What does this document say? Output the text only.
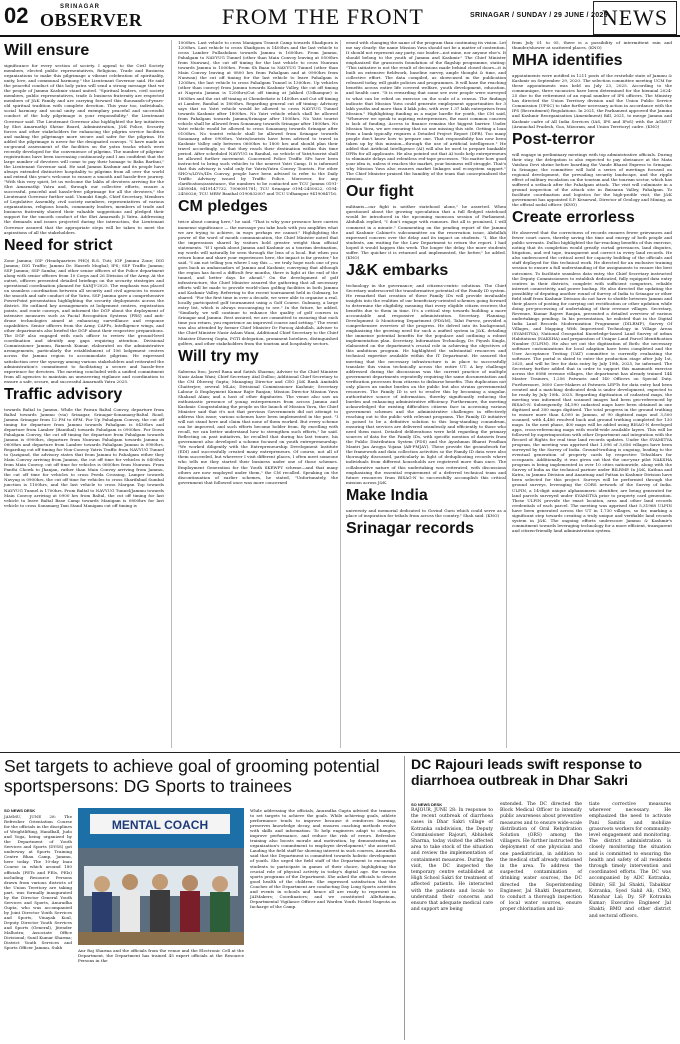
02	SRINAGAR
OBSERVER	FROM THE FRONT	SRINAGAR / SUNDAY / 29 JUNE / 2025
NEWS
Will ensure

significance for every section of society. I appeal to the Civil Society members, elected public representatives, Religious, Trade and Business organizations to make this pilgrimage a vibrant celebration of spirituality, unity, love, and communal harmony," the Lieutenant Governor said. He said the peaceful conduct of this holy yatra will send a strong message that we the people of Jammu Kashmir stand united. "Spiritual leaders, civil society members, public representatives, trade & business fraternity are respected members of J&K Family and are carrying forward this thousands-of-years-old spiritual tradition with complete devotion. This year too, individuals, social harmony and social unity and exemplary peaceful and successful conduct of the holy pilgrimage is your responsibility," the Lieutenant Governor said. The Lieutenant Governor also highlighted the key initiatives by Shri Amarnathji Shrine Board, Administration, J&K Police, Security forces and other stakeholders for enhancing the pilgrim service facilities and making the pilgrimage more secure and safer for the pilgrims. He added the pilgrimage is never for the designated convoys. "I have made an on-ground assessment of the facilities on the yatra tracks which were recently developed for the convenience of pilgrims. The number of pilgrims' registrations have been increasing continuously and I am confident that the large number of devotees will come to pay their homage to Baba Barfani," the Lieutenant Governor said. He said Jammu Kashmir and its people have always extended distinctive hospitality to pilgrims from all over the world and extend this year's welcome to ensure a smooth and hassle-free journey. "With this very spirit, let us welcome the lakhs of devotees arriving for the Shri Amarnathji Yatra and, through our collective efforts, ensure a successful, peaceful and hassle-free pilgrimage for all the devotees," the Lieutenant Governor further said. Unmukt Singh, Chief Secretary, Members of Legislative Assembly, civil society members, representatives of various organizations, religious heads, community leaders, members of trade and business fraternity shared their valuable suggestions and pledged their support for the smooth conduct of the Shri Amarnath Ji Yatra. Addressing the demands and issues projected during the interaction, the Lieutenant Governor assured that the appropriate steps will be taken to meet the aspirations of all the stakeholders.

Need for strict

Zone Jammu; IGP (Headquarters PHQ) B.S. Tuti; IGP Jammu Zone; DIG Jammu; DIG Traffic; Jammu Dr. Haseeb Mughal; IPS; SSP Traffic Jammu; SSP Jammu; SSP Samba; and other senior officers of the Police department along with senior officers from 10 Corps and 26 Division of the Army. At the outset, officers presented detailed briefings on the security strategies and operational coordination planned for SANJY-2025. The emphasis was placed on seamless coordination between all security and civil agencies to ensure the smooth and safe conduct of the Yatra. SSP Jammu gave a comprehensive PowerPoint presentation highlighting the security deployments across the district. He outlined key arrangements at lodgement centres, registration points, and route convoys, and informed the DGP about the deployment of intensive measures such as Facial Recognition Systems (FRS) and anti-drone technologies aimed at enhancing surveillance and response capabilities. Senior officers from the Army, CAPFs, Intelligence wings, and other departments also briefed the DGP about their respective preparations. The DGP also engaged with each officer to review the ground-level coordination and identify any gaps requiring attention. Divisional Commissioner Jammu, Ramesh Kumar, elaborated on the administrative arrangements, particularly the establishment of 106 lodgement centres across the Jammu region to accommodate pilgrims. He expressed satisfaction over the synergy among various stakeholders and reiterated the administration's commitment to facilitating a secure and hassle-free experience for devotees. The meeting concluded with a unified commitment from all agencies to maintain an unwavering vigilance and coordination to ensure a safe, secure, and successful Amarnath Yatra 2025.

Traffic advisory

towards Baltal to Jammu. While the Pawan Baltal Convoy, departure from Baltal towards Jammu (via) Srinagar, Srinagar-Sonamarg-Baltal Road, Jammu Srinagar from 12 PM to 6PM. For Up Pahalgam Convoy, the cut off timing for departure from Jammu towards Pahalgam is 0430hrs and departure from Lamber (Baniihal) towards Pahalgam is 0900hrs. For Down Pahalgam Convoy, the cut off timing for departure from Pahalgam towards Jammu is 0900hrs, departure from Nunwan Pahalgam towards Jammu is 0600hrs and departure from Lamber towards Pahalgam Jammu is 0900hrs. Regarding cut off timing for Non-Convoy Yatris Traffic from NAVYUG Tunnel to Qazigund, the advisory states that from Jammu to Pahalgam either they Main Convoy arriving from Jammu, the cut off time for vehicles is 0400hrs from Main Convoy, cut off time for vehicles is 0600hrs from Nunwan. From Panthi Chowk to Jhanjan, rather than Main Convoy arriving from Jammu, the cut off time for vehicles to cross Peeda Crossing, Lamper towards Navyug is 0900hrs, the cut off time for vehicles to cross Sharifabad Sumbal junction is 1100hrs, and the last vehicle to cross Margan Top towards NAVYUG Tunnel is 1700hrs. From Baltal to NAVYUG Tunnel/Jammu towards Main Convoy arriving at 0900 hrs from Baltal, the cut off timing for last vehicle to leave Baltal Base Camp towards Manigam is 0800hrs for last vehicle to cross Sonamarg Taxi Stand Manigam cut off timing is

1000hrs. Last vehicle to cross Manigam Transit Camp towards Shadipora is 1200hrs. Last vehicle to cross Shadipora is 1400hrs and the last vehicle to cross Lamber Pullashdara towards Jammu is 1600hrs. From Jammu, Pahalgam to NAVYUG Tunnel (other than Main Convoy leaving at 0500hrs from Nunwan), the cut off timing for the last vehicle to cross Nunwan towards Jammu is 1000hrs. From Sh Baan to NAVYUG Tunnel (other than Main Convoy leaving at 0800 hrs from Pahalgam and at 0900hrs from Nunwan) the cut off timing for the last vehicle to leave Pahalgam is 1200hrs, the last vehicle to cross Pahalgam Tunnel is 1300hrs. Up vehicles (other than convoy) from Jammu towards Kashmir Valley, the cut off timing at Nagrota Jammu is 1200hrs/Cut off timing at Jakhed (Udhampur) is 1600hrs and the cut off timing at Chenderkote is 1400hrs and Cut off timing at Lamber, Banihal is 1800hrs. Regarding general cut off timing: Advisory says that no Yatri vehicle would be allowed to cross NAVYUG Tunnel towards Kashmir after 1800hrs. No Yatri vehicle which shall be allowed from Pahalgam towards Jammu/Srinagar after 1500hrs. No Yatri tourist vehicle shall be allowed from Sonamarg towards Srinagar after 1800hrs. No Yatri vehicle would be allowed to cross Sonamarg towards Srinagar after 0100hrs. No tourist vehicle shall be allowed from Srinagar towards Sonamarg after 0900hrs. Yatris/tourists have been advised to travel in Kashmir Valley only between 0600hrs to 1800 hrs and should plan their travel accordingly, so that they reach their destination within this time period. After scheduled NAVYUG in Banihal, no vehicle of Yatri/tourist shall be allowed further movement. Concerned Police Traffic SPs have been instructed to bring such vehicles to the nearest Yatri Camp. It is informed that this advisory is valid only for Yatris/Yatra Convoy Tourists. For other SHO's/LDVs/IDs Convoy, people have been advised to refer to the Daily Traffic Advisory issued by Traffic Police. Moreover, for any clarification/assistance, the numbers to be contacted are TCU Jammu 0191-2459048, 9419147732, 7006091781; TCU Srinagar 0194-2450022, 0194-2450026; TCU MRW Banihal 0190832007 and TCU Udhampur 9419084716.

CM pledges

twice about coming here," he said. "That is why your presence here carries immense significance — the message you take back with you amplifies what we are trying to achieve, in ways perhaps we cannot." Highlighting the power of the word of mouth communication, the Chief Minister noted that the impressions shared by visitors hold greater weight than official statements. "If I speak about Jammu and Kashmir as a tourism destination, my words will naturally be seen through the lens of a local. But when you return home and share your experiences here, the impact is far greater," he said. "I am not telling you where I say this — we truly hope each one of you goes back as ambassadors of Jammu and Kashmir, conveying that although the region has faced a difficult few months, there is light at the end of the tunnel, and better days lie ahead." On the development of golf infrastructure, the Chief Minister assured the gathering that all necessary efforts will be made to provide world-class golfing facilities in both Jammu and Kashmir Valley. Referring to the recent tournament held in Gulmarg, he shared: "For the first time in over a decade, we were able to organise a real, locally participated golf tournament using a Golf Course. Gulmarg, a large entry list, which is always encouraging to see." In the future, he added, "Similarly, we will continue to enhance the quality of golf courses in Srinagar and Jammu. Rest assured, we are committed to ensuring that each time you return, you experience an improved course and setting." The event was also attended by former Chief Minister Dr Farooq Abdullah, Adviser to the Chief Minister Nasir Aslam Wani, Additional Chief Secretary to the Chief Minister Dheeraj Gupta, PGTI delegation, prominent hoteliers, distinguished golfers, and other stakeholders from the tourism and hospitality sectors.

Will try my

Sabeena Itoo, Javed Rana and Satish Sharma; Adviser to the Chief Minister Nasir Aslam Wani; Chief Secretary Atal Dulloo; Additional Chief Secretary to the CM Dheeraj Gupta; Managing Director and CEO J&K Bank Amitabh Chatterjee; several MLAs; Divisional Commissioner Kashmir; Secretary Labour & Employment Kumar Rajiv Ranjan; Mission Director Mission Yuva Shahzad Alam; and a host of other dignitaries. The venue also saw an enthusiastic presence of young entrepreneurs from across Jammu and Kashmir. Congratulating the people on the launch of Mission Yuva, the Chief Minister said that it's not that previous Governments did not attempt to address this issue; various schemes have been implemented in the past. "I will not stand here and claim that none of them worked. But every scheme can be improved, and such efforts become bolder from. By excelling with recall, we can better understand how to strengthen such efforts," he said. Reflecting on past initiatives, he recalled that during his last tenure, his government also developed a scheme focused on youth entrepreneurship. "We worked diligently with the Entrepreneurship Development Institute (EDI) and successfully created many entrepreneurs. Of course, not all of them succeeded, but wherever I visit different places, I often meet someone who tells me they started their business under one of those schemes. Employment Generation for the Youth SKEWPY scheme—and that many others are now employed under them," the CM recalled. Speaking on the discontinuation of earlier schemes, he stated, "Unfortunately, the government that followed once was more concerned

erned with changing the name of the program than continuing its vision. Let me say clearly: the name Mission Yuva should not be a matter of contention. It should not represent any party, nor leader—not mine, nor anyone else's. It should belong to the youth of Jammu and Kashmir." The Chief Minister emphasized the grassroots foundation of the flagship programme, stating: "This initiative is not the result of decisions made behind closed doors—it is built on extensive fieldwork, baseline survey, ample thought & time, and collective effort. The data compiled, as showcased in the publication released today, will guide policies and programmes. It will base the reaching benefits across entire life covered welfare, youth development, education, and health care. "It is rewarding that some see over people were surveyed to what can be relied on exercise on the scale of a census. The findings indicate that Mission Yuva could generate employment opportunities for 3 lakh youths and more than 4 lakh jobs, with over 1.37 lakh enterprises from Mission." Highlighting funding as a major hurdle for youth, the CM said, "Whenever we speak to aspiring entrepreneurs, the most common concern is lack of funding. Access to finance remains the biggest barrier. Under Mission Yuva, we are ensuring that no one missing this side. Getting a loan from a bank typically requires a Detailed Project Report (DPR). Too many people don't know how to prepare one. That responsibility has now been taken up by this mission—through the use of artificial intelligence." He added that Artificial Intelligence (AI) will also be used to prepare bankable DPRs for all applicants. He also pointed out that AI tools help entrepreneurs to eliminate delays and relentless red-tape processes. "No matter how good your idea is, unless it reaches the market, your business will struggle. That's why Mission Yuva also ensures market linkages and ecosystem support." The Chief Minister praised the humility of the team that conceptualized the mission.

Our fight

militants—our fight is neither statehood alone," he asserted. When questioned about the growing speculation that a full fledged statehood would be introduced in the upcoming monsoon session of Parliament, Abdullah replied, "I don't engage with rumours. But all is promised, I will comment in a minute." Commenting on the pending report of the Jammu and Kashmir Cabinet's subcommittee on the reservation issue, Abdullah expressed concern over the delay and its impact on students. "I, like the students, am waiting for the Law Department to return the report. I had hoped it would happen this week. The longer the delay, the more students suffer. The quicker it is returned and implemented, the better," he added. (KNO)

J&K embarks

technology in the governance; and citizens-centric solutions. The Chief Secretary underscored the transformative potential of the Family ID system. He remarked that creation of these Family IDs will provide invaluable insights into the realities of our beneficiary-oriented schemes going forward to determine the eligibility, meaning that every eligible citizen receives the benefits due to them in time. It's a critical step towards building a more accountable and responsive administration. Secretary, Planning, Development & Monitoring Department (PD&M), Talat Parvez, provided a comprehensive overview of the progress. He delved into its background, emphasizing the growing need for such a unified system in J&K, detailing the immense potential benefits for the populace and outlining a robust implementation plan. Secretary, Information Technology, Dr. Piyush Singla, elaborated on the department's crucial role in achieving the objectives of this ambitious program. He highlighted the substantial resources and technical expertise available within the IT Department. He assured the meeting that the necessary infrastructure is in place to successfully translate this vision technically across the entire UT. A key challenge addressed during the discussions was the current practice of multiple government departments repeatedly requiring the same documentation and verification processes from citizens to disburse benefits. This duplication not only places an undue burden on the public but also strains governmental resources. The Family ID is set to resolve this by becoming a singular, authoritative source of information, thereby significantly reducing the burden and enhancing administrative efficiency. Furthermore, the meeting acknowledged the existing difficulties citizens face in accessing various government schemes and the administrative challenges in effectively reaching out to the public with relevant programs. The Family ID initiative is poised to be a definitive solution to this long-standing conundrum, ensuring that services are delivered seamlessly and efficiently to those who need them most. Detailed deliberations were held regarding the primary sources of data for the Family IDs, with specific mention of datasets from the Public Distribution System (PDS) and the Ayushman Bharat Pradhan Mantri Jan Arogya Yojana (AB-PMJAY). These provide the groundwork for the framework and data collection activities so the Family ID data were also thoroughly discussed, particularly in light of deduplicating records where individuals from different households are registered more than once. The collaborative nature of this undertaking was reiterated, with discussions emphasizing the essential requirement of a deferred technical team and future resources from BISAG-N to successfully accomplish this critical mission across J&K.

Make India

university and memorial dedicated to Govind Guru which could serve as a place of inspiration for tribals from across the country," Shah said. (KNO)

Srinagar records

from July 01 to 05, there is a possibility of intermittent rain and thunder/shower at scattered places. (KNO)

MHA identifies

appointments were notified in 1211 posts of the erstwhile state of Jammu & Kashmir on September 29, 2020. The selection committee meeting UCM for these appointments was held on July 23, 2025. According to the communique, three vacancies have been determined for the biennial 2024-25 due to the retirement of an equal number of IPS officers. The Ministry has directed the Union Territory division and the Union Public Service Commission (UPSC) to take further necessary action in accordance with the IPS (Recruitment) Regulations. In 2021, the Parliament approved the Jammu and Kashmir Reorganisation (Amendment) Bill, 2021, to merge Jammu and Kashmir cadre of All India Services (IAS, IPS and IFoS) with the AGMUT (Arunachal Pradesh, Goa, Mizoram, and Union Territory) cadre. (KNO)

Post-terror

will engage in preliminary meetings with top administrative officials. During their stay, the delegation is also expected to pay obeisance at the Mata Vaishno Devi shrine before boarding the Vande Bharat Express to Srinagar. In Srinagar, the committee will hold a series of meetings focused on regional development, the prevailing security landscape, and the ripple effect of military escalation on the tourism and the tourism sector, which has suffered a setback after the Pahalgam attack. The visit will culminate in a ground inspection of the attack site in Baisaran Valley, Pahalgam. To facilitate coordination and logistics for the high-profile visit, the J&K government has appointed S.P. Kesarwal, Director of Geology and Mining, as the official nodal officer. (KNO)

Create errorless

He observed that the correctness of records ensures fewer grievances and fewer court cases, thereby saving the time and energy of both people and public servants. Dulloo highlighted the far-reaching benefits of this exercise, noting that its completion would greatly curtail grievances, land disputes, litigation, and red tape, transparent and correct in every land records. He also underscored the critical need for capacity building of the officials and staff deployed for this technical work. He directed for an exclusive training session to ensure a full understanding of the assignments to ensure the best outcomes. To facilitate seamless data entry, the Chief Secretary instructed the Deputy Commissioners to establish dedicated, fully equipped data entry centres in their districts, complete with sufficient computers, reliable internet connectivity, and power backup. He also directed the updating the possibility of deputing another round of Survey of India to Srinagar or other field staff from Kashmir Division do not have to shuttle between Jammu and their places of posting for carrying out rectification or other updation while doing pre-processing of undertaking of their revenue villages. Secretary, Revenue, Kumar Rajeev Ranjan, presented a detailed overview of various undertakings pending. In his presentation, he enlisted that in the Digital India Land Records Modernization Programme (DILRMP), Survey Of Villages, and Mapping With Improvised Technology in Village Areas (SVAMITVA), National Geospatial Knowledge-based Land Survey of urban Habitations (NAKSHA) and preparation of Unique Land Parcel Identification Number (ULPIN). He also set out the digitization of Both: the necessary software customizations for local adaption have been completed and the User Acceptance Testing (UAT) committee is currently evaluating the software. The portal is slated to enter the production stage after July 1st, 2025, and will be live for data entry by July 10th, 2025, he informed. The Secretary further added that in order to support this mammoth exercise across the 6086 revenue villages, the department has already trained 144 Master Trainers, 1,256 Patwaris and 140 Officers on Special Duty. Furthermore, 3600 Core-Makers at Patwaris LEPTs for data entry had been created and a matching dedicated desk is under development, expected to be ready by July 10th, 2025. Regarding digitization of cadastral maps, the meeting was informed that scanned images had been geo-referenced by BISAG-N. Subsequently, 54,590 cadastral maps have been obtained in one digitized and 300 maps digitized. The total progress in the ground truthing to ensure more than 4,000 in Jammu, of 90 digitized maps and 3,500 scanned, with 4,486 resolved back and ground truthing completed for 130 maps. In the next phase, 400 maps will be added using BISAG-N developed apps, cross-referencing maps with world-wide available layers. This will be followed by superimposition with other Department and integration with the Record of Rights for real time land records updates. Under the SVAMITVA program, the meeting was apprised that 1,096 of 3,656 villages have been surveyed by the Survey of India. Ground-truthing is ongoing, leading to the eventual generation of property cards by respective Tehsildars for occupants. Additionally, it was given out that the one-year pilot NAKSHA program is being implemented in over 10 cities nationwide, along with the Survey of India as the technical partner under BILRMP. In J&K, Kathua and Katra, in Jammu Division and Anantnag and Pattan in Kashmir Division have been selected for this project. Surveys will be performed through the ground surveys, leveraging the CORS network of the Survey of India. ULPIN, a 14-digit unique alphanumeric identifier, are being generated for land parcels surveyed under SVAMITVA prior to property card generation. These ULPIN provide the exact location, area and other land records credentials of each parcel. The meeting was apprised that 5,31968 ULPIN have been generated across the UT in 1,730 villages, so far, marking a significant step towards creating a truly unique and verifiable land records system in J&K. The ongoing efforts underscore Jammu & Kashmir's commitment towards leveraging technology for a more efficient, transparent and citizen-friendly land administration system.

Set targets to achieve goal of grooming potential sportspersons: DG Sports to trainees
SO NEWS DESK

JAMMU, JUNE 28: The Refresher Orientation Course for the officials in the disciplines of Weightlifting, Handball, Judo and Yoga, being organized by the Department of Youth Services and Sports (DYSS) got underway at Sports Training Centre Bhau Camp, Jammu, here today. The 10-day Inau Course in which around 180 officials (PETs and PEIs, PEIs) including Resource Persons drawn from various districts of the Union Territory are taking part, was formally inaugurated by the Director General Youth Services and Sports, Anuradha Gupta, who was accompanied by Joint Director Youth Services and Sports, Vinayak Koul, Deputy Director Youth Services and Sports (General), Jitender Malhotra; Associate Office Divisional; Sunil Kumar Sharma; District Youth Services and Sports Officer Jammu, Sukh

MENTAL COACH

Anr Raj Sharma and the officials from the venue and the Electronic Cell at the Department, the Department has trained 45 expert officials at the Resource Persons in the

While addressing the officials, Anuradha Gupta advised the trainees to set targets to achieve the goals. While achieving goals, athlete performance tends to improve because it reinforces learning, preserves knowledge decay, and ensures coaching methods evolve with skills and information. To help engineers adapt to changes, improve performance, and reduce the risk of errors. Refresher training also boosts morale and motivation, by demonstrating an organization's commitment to employee development," she asserted. Lauding the field staff for showing interest in such courses, Anuradha said that the Department is committed towards holistic development of youth. She urged the field staff of the Department to encourage students to participate in games of their choice, highlighting the crucial role of physical activity in today's digital age. the various sports programs of the Department. She asked the officials to devote good health of the children. She expressed satisfaction that the Coaches of the Department are conducting Day Long Sports activities and events in schools and hence all are ready to represent in JAIMakers; Coordinators; and we constituted AlleRatimm, Departmental Vigilance Officer and Warden Youth Hostel Nagrota as Incharge of the Camp.

DC Rajouri leads swift response to diarrhoea outbreak in Dhar Sakri
SO NEWS DESK

RAJOUR, JUNE 28: In response to the recent outbreak of diarrhoea cases in Dhar Sakri village of Kotranka subdivision, the Deputy Commissioner Rajouri, Abhishek Sharma, today visited the affected area to take stock of the situation and review the implementation of containment measures. During the visit, the DC inspected the temporary centre established at High School Sakri for treatment of affected patients. He interacted with the patients and locals to understand their concerns and ensure that adequate medical care and support are being

extended. The DC directed the Block Medical Officer to intensify public awareness about preventive measures and to ensure wide-scale distribution of Oral Rehydration Solution (ORS) among the villagers. He further instructed the deployment of one physician and one paediatrician, in addition to the medical staff already stationed in the area. To address the suspected contamination of drinking water sources, the DC directed the Superintending Engineer, Jal Shakti Department, to conduct a thorough inspection of local water sources, ensure proper chlorination and ini-

tiate corrective measures wherever necessary. He emphasized the need to activate Pani Samitis and mobilize grassroots workers for community-level engagement and monitoring. The district administration is closely monitoring the situation and is committed to ensuring the health and safety of all residents through timely intervention and coordinated efforts. The DC was accompanied by ADC Kotranka, Dilmir; SE Jal Shakti, Tabakkar Kotranka, Syed Sahil Ali; CMO, Manohar Lal; Dy. SP Kotranka Kumar; Executive Engineer Jal Shakti; BMO and other district and sectoral officers.
